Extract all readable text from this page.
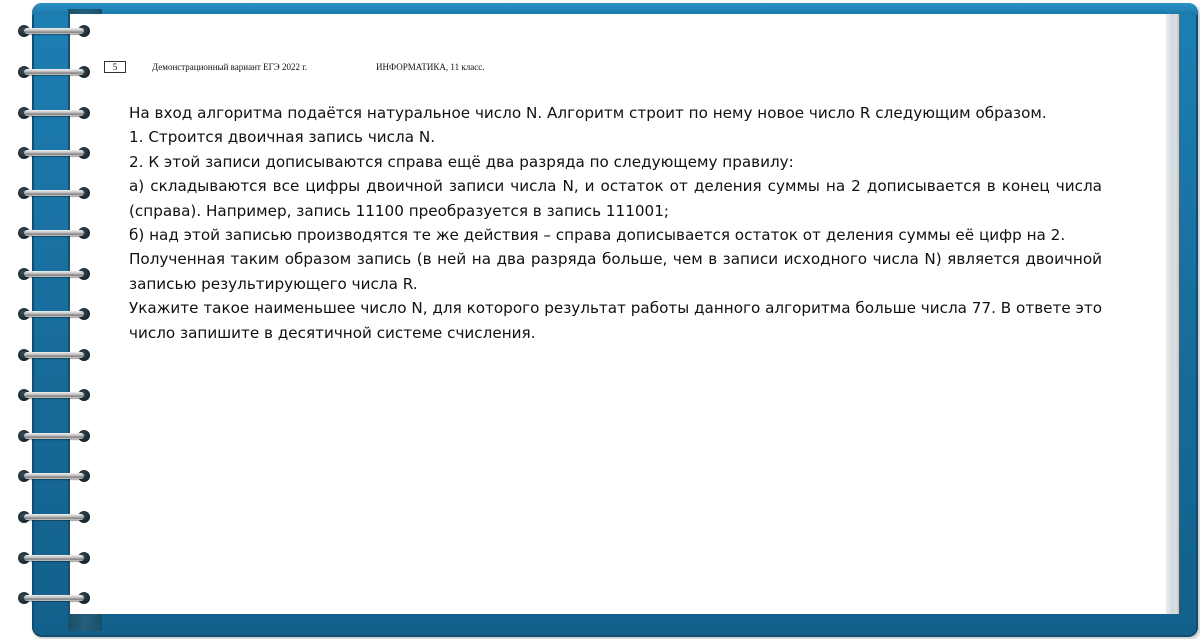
5	Демонстрационный вариант ЕГЭ 2022 г.	ИНФОРМАТИКА, 11 класс.

На вход алгоритма подаётся натуральное число N. Алгоритм строит по нему новое число R следующим образом.

1. Строится двоичная запись числа N.

2. К этой записи дописываются справа ещё два разряда по следующему правилу:

а) складываются все цифры двоичной записи числа N, и остаток от деления суммы на 2 дописывается в конец числа (справа). Например, запись 11100 преобразуется в запись 111001;

б) над этой записью производятся те же действия – справа дописывается остаток от деления суммы её цифр на 2.

Полученная таким образом запись (в ней на два разряда больше, чем в записи исходного числа N) является двоичной записью результирующего числа R.

Укажите такое наименьшее число N, для которого результат работы данного алгоритма больше числа 77. В ответе это число запишите в десятичной системе счисления.
